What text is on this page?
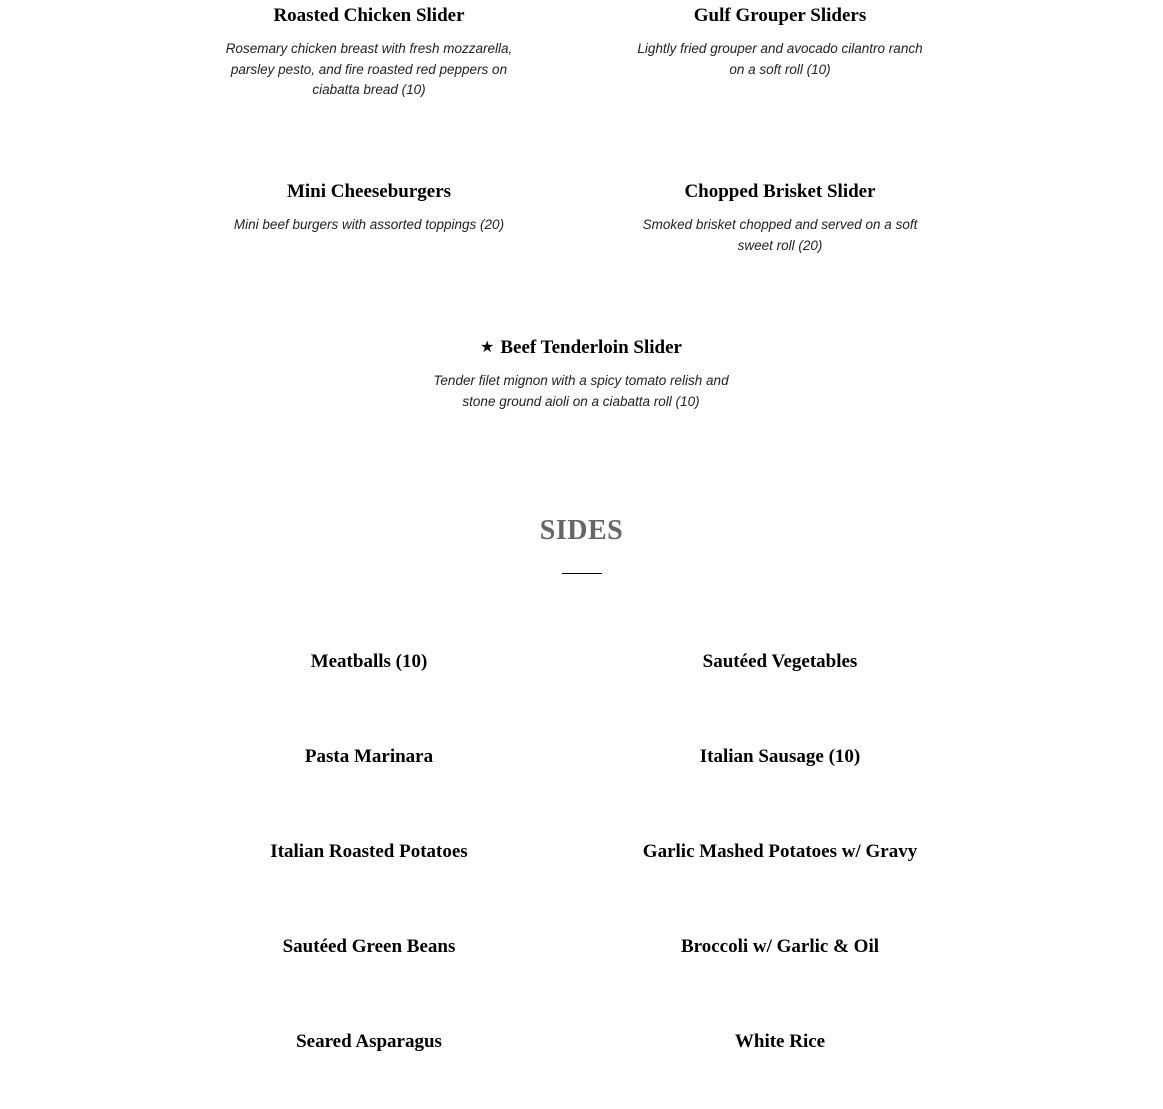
Roasted Chicken Slider
Rosemary chicken breast with fresh mozzarella, parsley pesto, and fire roasted red peppers on ciabatta bread (10)
Gulf Grouper Sliders
Lightly fried grouper and avocado cilantro ranch on a soft roll (10)
Mini Cheeseburgers
Mini beef burgers with assorted toppings (20)
Chopped Brisket Slider
Smoked brisket chopped and served on a soft sweet roll (20)
★ Beef Tenderloin Slider
Tender filet mignon with a spicy tomato relish and stone ground aioli on a ciabatta roll (10)
SIDES
Meatballs (10)	Sautéed Vegetables
Pasta Marinara	Italian Sausage (10)
Italian Roasted Potatoes	Garlic Mashed Potatoes w/ Gravy
Sautéed Green Beans	Broccoli w/ Garlic & Oil
Seared Asparagus	White Rice
